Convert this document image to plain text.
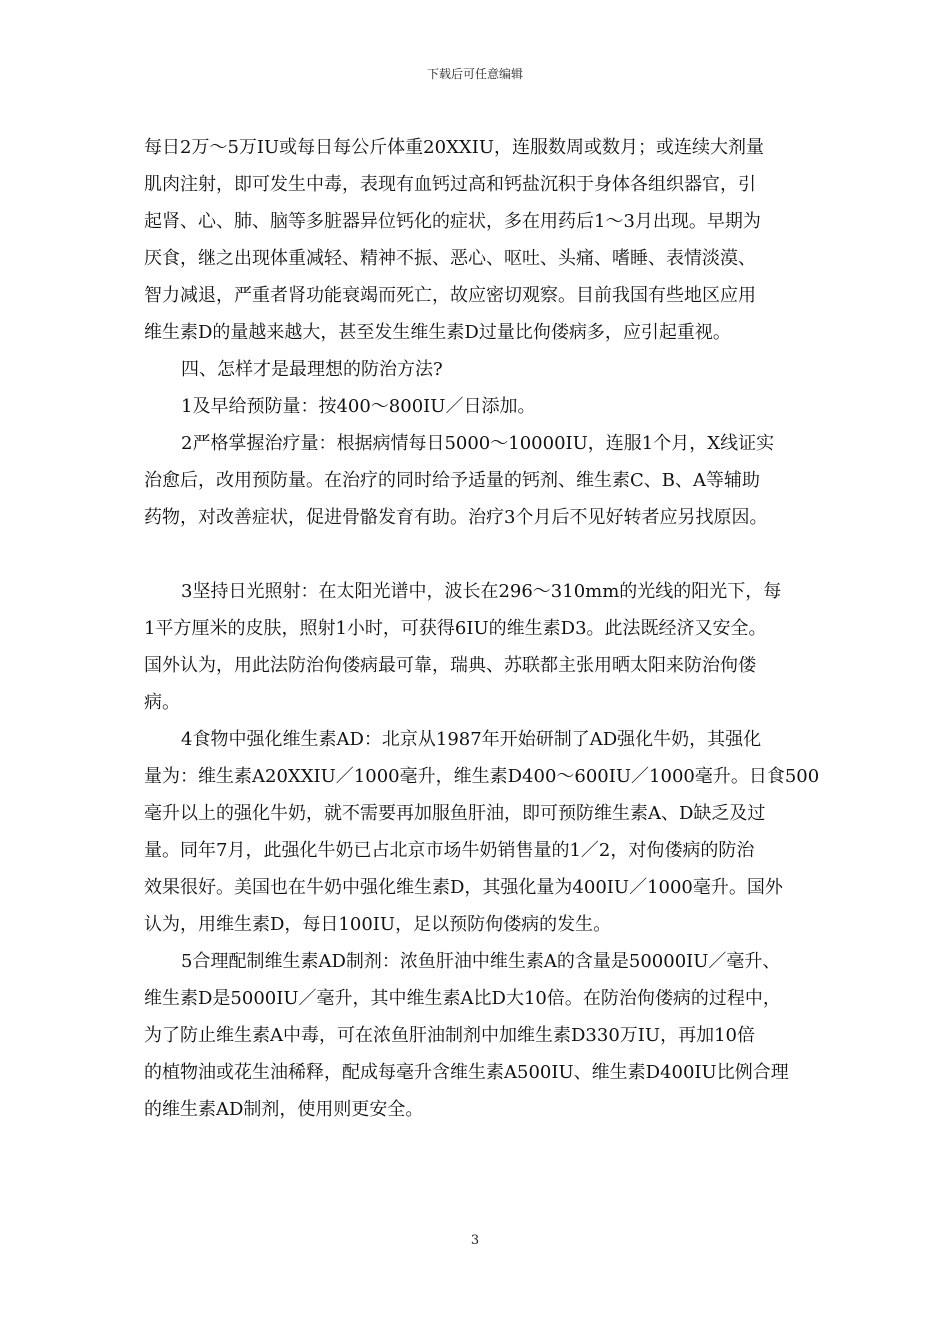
下载后可任意编辑
每日2万～5万IU或每日每公斤体重20XXIU，连服数周或数月；或连续大剂量
肌肉注射，即可发生中毒，表现有血钙过高和钙盐沉积于身体各组织器官，引
起肾、心、肺、脑等多脏器异位钙化的症状，多在用药后1～3月出现。早期为
厌食，继之出现体重减轻、精神不振、恶心、呕吐、头痛、嗜睡、表情淡漠、
智力减退，严重者肾功能衰竭而死亡，故应密切观察。目前我国有些地区应用
维生素D的量越来越大，甚至发生维生素D过量比佝偻病多，应引起重视。
四、怎样才是最理想的防治方法?
1及早给预防量：按400～800IU／日添加。
2严格掌握治疗量：根据病情每日5000～10000IU，连服1个月，X线证实
治愈后，改用预防量。在治疗的同时给予适量的钙剂、维生素C、B、A等辅助
药物，对改善症状，促进骨骼发育有助。治疗3个月后不见好转者应另找原因。
3坚持日光照射：在太阳光谱中，波长在296～310mm的光线的阳光下，每
1平方厘米的皮肤，照射1小时，可获得6IU的维生素D3。此法既经济又安全。
国外认为，用此法防治佝偻病最可靠，瑞典、苏联都主张用晒太阳来防治佝偻
病。
4食物中强化维生素AD：北京从1987年开始研制了AD强化牛奶，其强化
量为：维生素A20XXIU／1000毫升，维生素D400～600IU／1000毫升。日食500
毫升以上的强化牛奶，就不需要再加服鱼肝油，即可预防维生素A、D缺乏及过
量。同年7月，此强化牛奶已占北京市场牛奶销售量的1／2，对佝偻病的防治
效果很好。美国也在牛奶中强化维生素D，其强化量为400IU／1000毫升。国外
认为，用维生素D，每日100IU，足以预防佝偻病的发生。
5合理配制维生素AD制剂：浓鱼肝油中维生素A的含量是50000IU／毫升、
维生素D是5000IU／毫升，其中维生素A比D大10倍。在防治佝偻病的过程中，
为了防止维生素A中毒，可在浓鱼肝油制剂中加维生素D330万IU，再加10倍
的植物油或花生油稀释，配成每毫升含维生素A500IU、维生素D400IU比例合理
的维生素AD制剂，使用则更安全。
3
